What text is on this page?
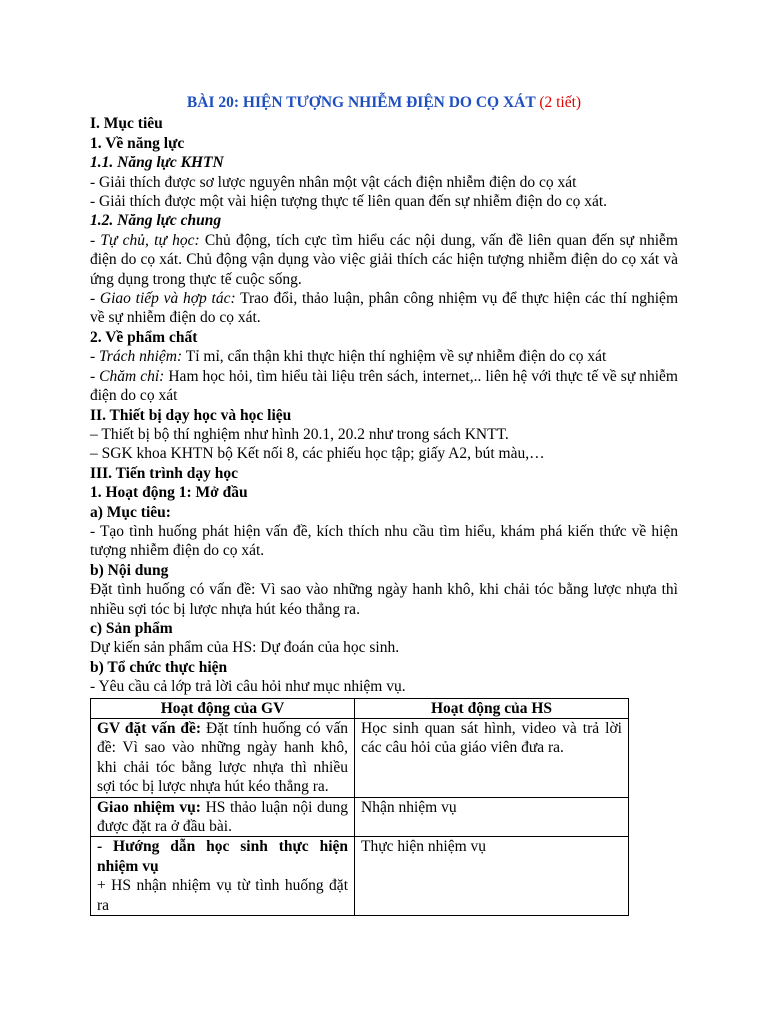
BÀI 20: HIỆN TƯỢNG NHIỄM ĐIỆN DO CỌ XÁT (2 tiết)
I. Mục tiêu
1. Về năng lực
1.1. Năng lực KHTN
- Giải thích được sơ lược nguyên nhân một vật cách điện nhiễm điện do cọ xát
- Giải thích được một vài hiện tượng thực tế liên quan đến sự nhiễm điện do cọ xát.
1.2. Năng lực chung
- Tự chủ, tự học: Chủ động, tích cực tìm hiểu các nội dung, vấn đề liên quan đến sự nhiễm điện do cọ xát. Chủ động vận dụng vào việc giải thích các hiện tượng nhiễm điện do cọ xát và ứng dụng trong thực tế cuộc sống.
- Giao tiếp và hợp tác: Trao đổi, thảo luận, phân công nhiệm vụ để thực hiện các thí nghiệm về sự nhiễm điện do cọ xát.
2. Về phẩm chất
- Trách nhiệm: Tỉ mỉ, cẩn thận khi thực hiện thí nghiệm về sự nhiễm điện do cọ xát
- Chăm chỉ: Ham học hỏi, tìm hiểu tài liệu trên sách, internet,.. liên hệ với thực tế về sự nhiễm điện do cọ xát
II. Thiết bị dạy học và học liệu
– Thiết bị bộ thí nghiệm như hình 20.1, 20.2 như trong sách KNTT.
– SGK khoa KHTN bộ Kết nối 8, các phiếu học tập; giấy A2, bút màu,…
III. Tiến trình dạy học
1. Hoạt động 1: Mở đầu
a) Mục tiêu:
- Tạo tình huống phát hiện vấn đề, kích thích nhu cầu tìm hiểu, khám phá kiến thức về hiện tượng nhiễm điện do cọ xát.
b) Nội dung
Đặt tình huống có vấn đề: Vì sao vào những ngày hanh khô, khi chải tóc bằng lược nhựa thì nhiều sợi tóc bị lược nhựa hút kéo thẳng ra.
c) Sản phẩm
Dự kiến sản phẩm của HS: Dự đoán của học sinh.
b) Tổ chức thực hiện
- Yêu cầu cả lớp trả lời câu hỏi như mục nhiệm vụ.
Hoạt động của GV	Hoạt động của HS
GV đặt vấn đề: Đặt tính huống có vấn đề: Vì sao vào những ngày hanh khô, khi chải tóc bằng lược nhựa thì nhiều sợi tóc bị lược nhựa hút kéo thẳng ra.	Học sinh quan sát hình, video và trả lời các câu hỏi của giáo viên đưa ra.
Giao nhiệm vụ: HS thảo luận nội dung được đặt ra ở đầu bài.	Nhận nhiệm vụ

- Hướng dẫn học sinh thực hiện nhiệm vụ
+ HS nhận nhiệm vụ từ tình huống đặt ra	Thực hiện nhiệm vụ
